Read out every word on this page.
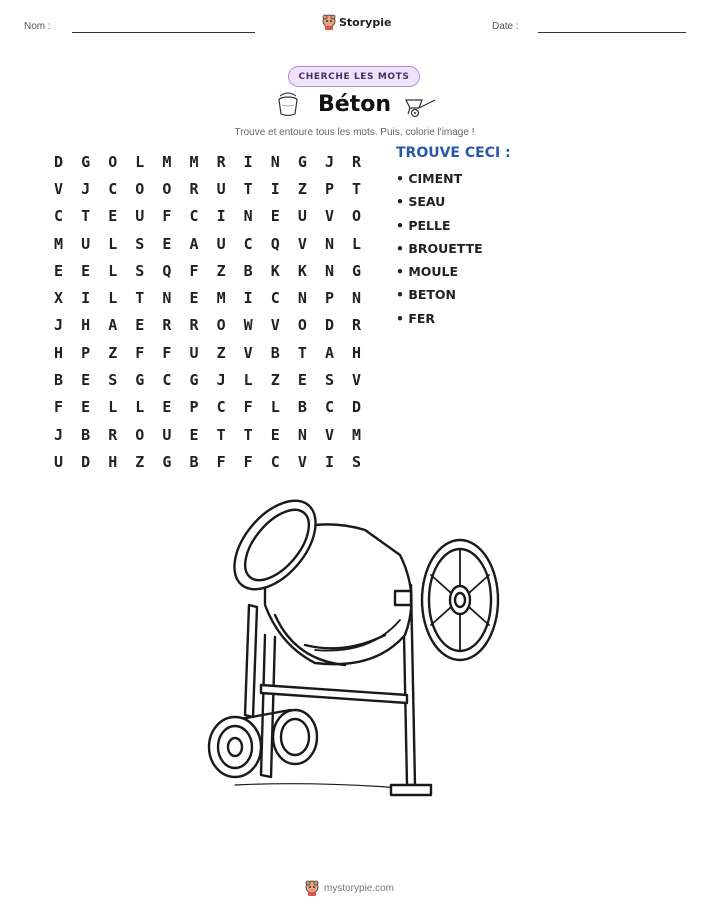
Nom :	Storypie	Date :
CHERCHE LES MOTS
Béton
Trouve et entoure tous les mots. Puis, colorie l'image !
D	G	O	L	M	M	R	I	N	G	J	R
V	J	C	O	O	R	U	T	I	Z	P	T
C	T	E	U	F	C	I	N	E	U	V	O
M	U	L	S	E	A	U	C	Q	V	N	L
E	E	L	S	Q	F	Z	B	K	K	N	G
X	I	L	T	N	E	M	I	C	N	P	N
J	H	A	E	R	R	O	W	V	O	D	R
H	P	Z	F	F	U	Z	V	B	T	A	H
B	E	S	G	C	G	J	L	Z	E	S	V
F	E	L	L	E	P	C	F	L	B	C	D
J	B	R	O	U	E	T	T	E	N	V	M
U	D	H	Z	G	B	F	F	C	V	I	S
TROUVE CECI :
• CIMENT
• SEAU
• PELLE
• BROUETTE
• MOULE
• BETON
• FER
mystorypie.com
